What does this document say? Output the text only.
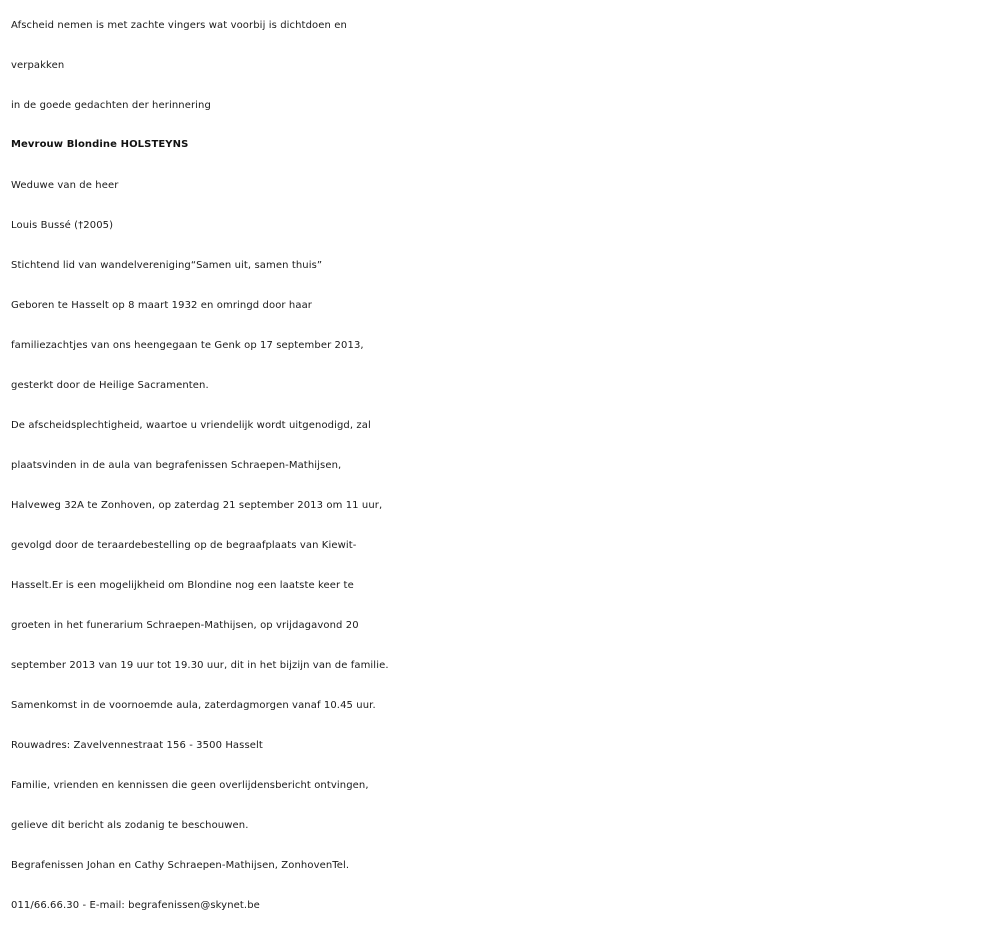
Afscheid nemen is met zachte vingers wat voorbij is dichtdoen en
verpakken
in de goede gedachten der herinnering
Mevrouw Blondine HOLSTEYNS
Weduwe van de heer
Louis Bussé (†2005)
Stichtend lid van wandelvereniging“Samen uit, samen thuis”
Geboren te Hasselt op 8 maart 1932 en omringd door haar
familiezachtjes van ons heengegaan te Genk op 17 september 2013,
gesterkt door de Heilige Sacramenten.
De afscheidsplechtigheid, waartoe u vriendelijk wordt uitgenodigd, zal
plaatsvinden in de aula van begrafenissen Schraepen-Mathijsen,
Halveweg 32A te Zonhoven, op zaterdag 21 september 2013 om 11 uur,
gevolgd door de teraardebestelling op de begraafplaats van Kiewit-
Hasselt.Er is een mogelijkheid om Blondine nog een laatste keer te
groeten in het funerarium Schraepen-Mathijsen, op vrijdagavond 20
september 2013 van 19 uur tot 19.30 uur, dit in het bijzijn van de familie.
Samenkomst in de voornoemde aula, zaterdagmorgen vanaf 10.45 uur.
Rouwadres: Zavelvennestraat 156 - 3500 Hasselt
Familie, vrienden en kennissen die geen overlijdensbericht ontvingen,
gelieve dit bericht als zodanig te beschouwen.
Begrafenissen Johan en Cathy Schraepen-Mathijsen, ZonhovenTel.
011/66.66.30 - E-mail: begrafenissen@skynet.be
